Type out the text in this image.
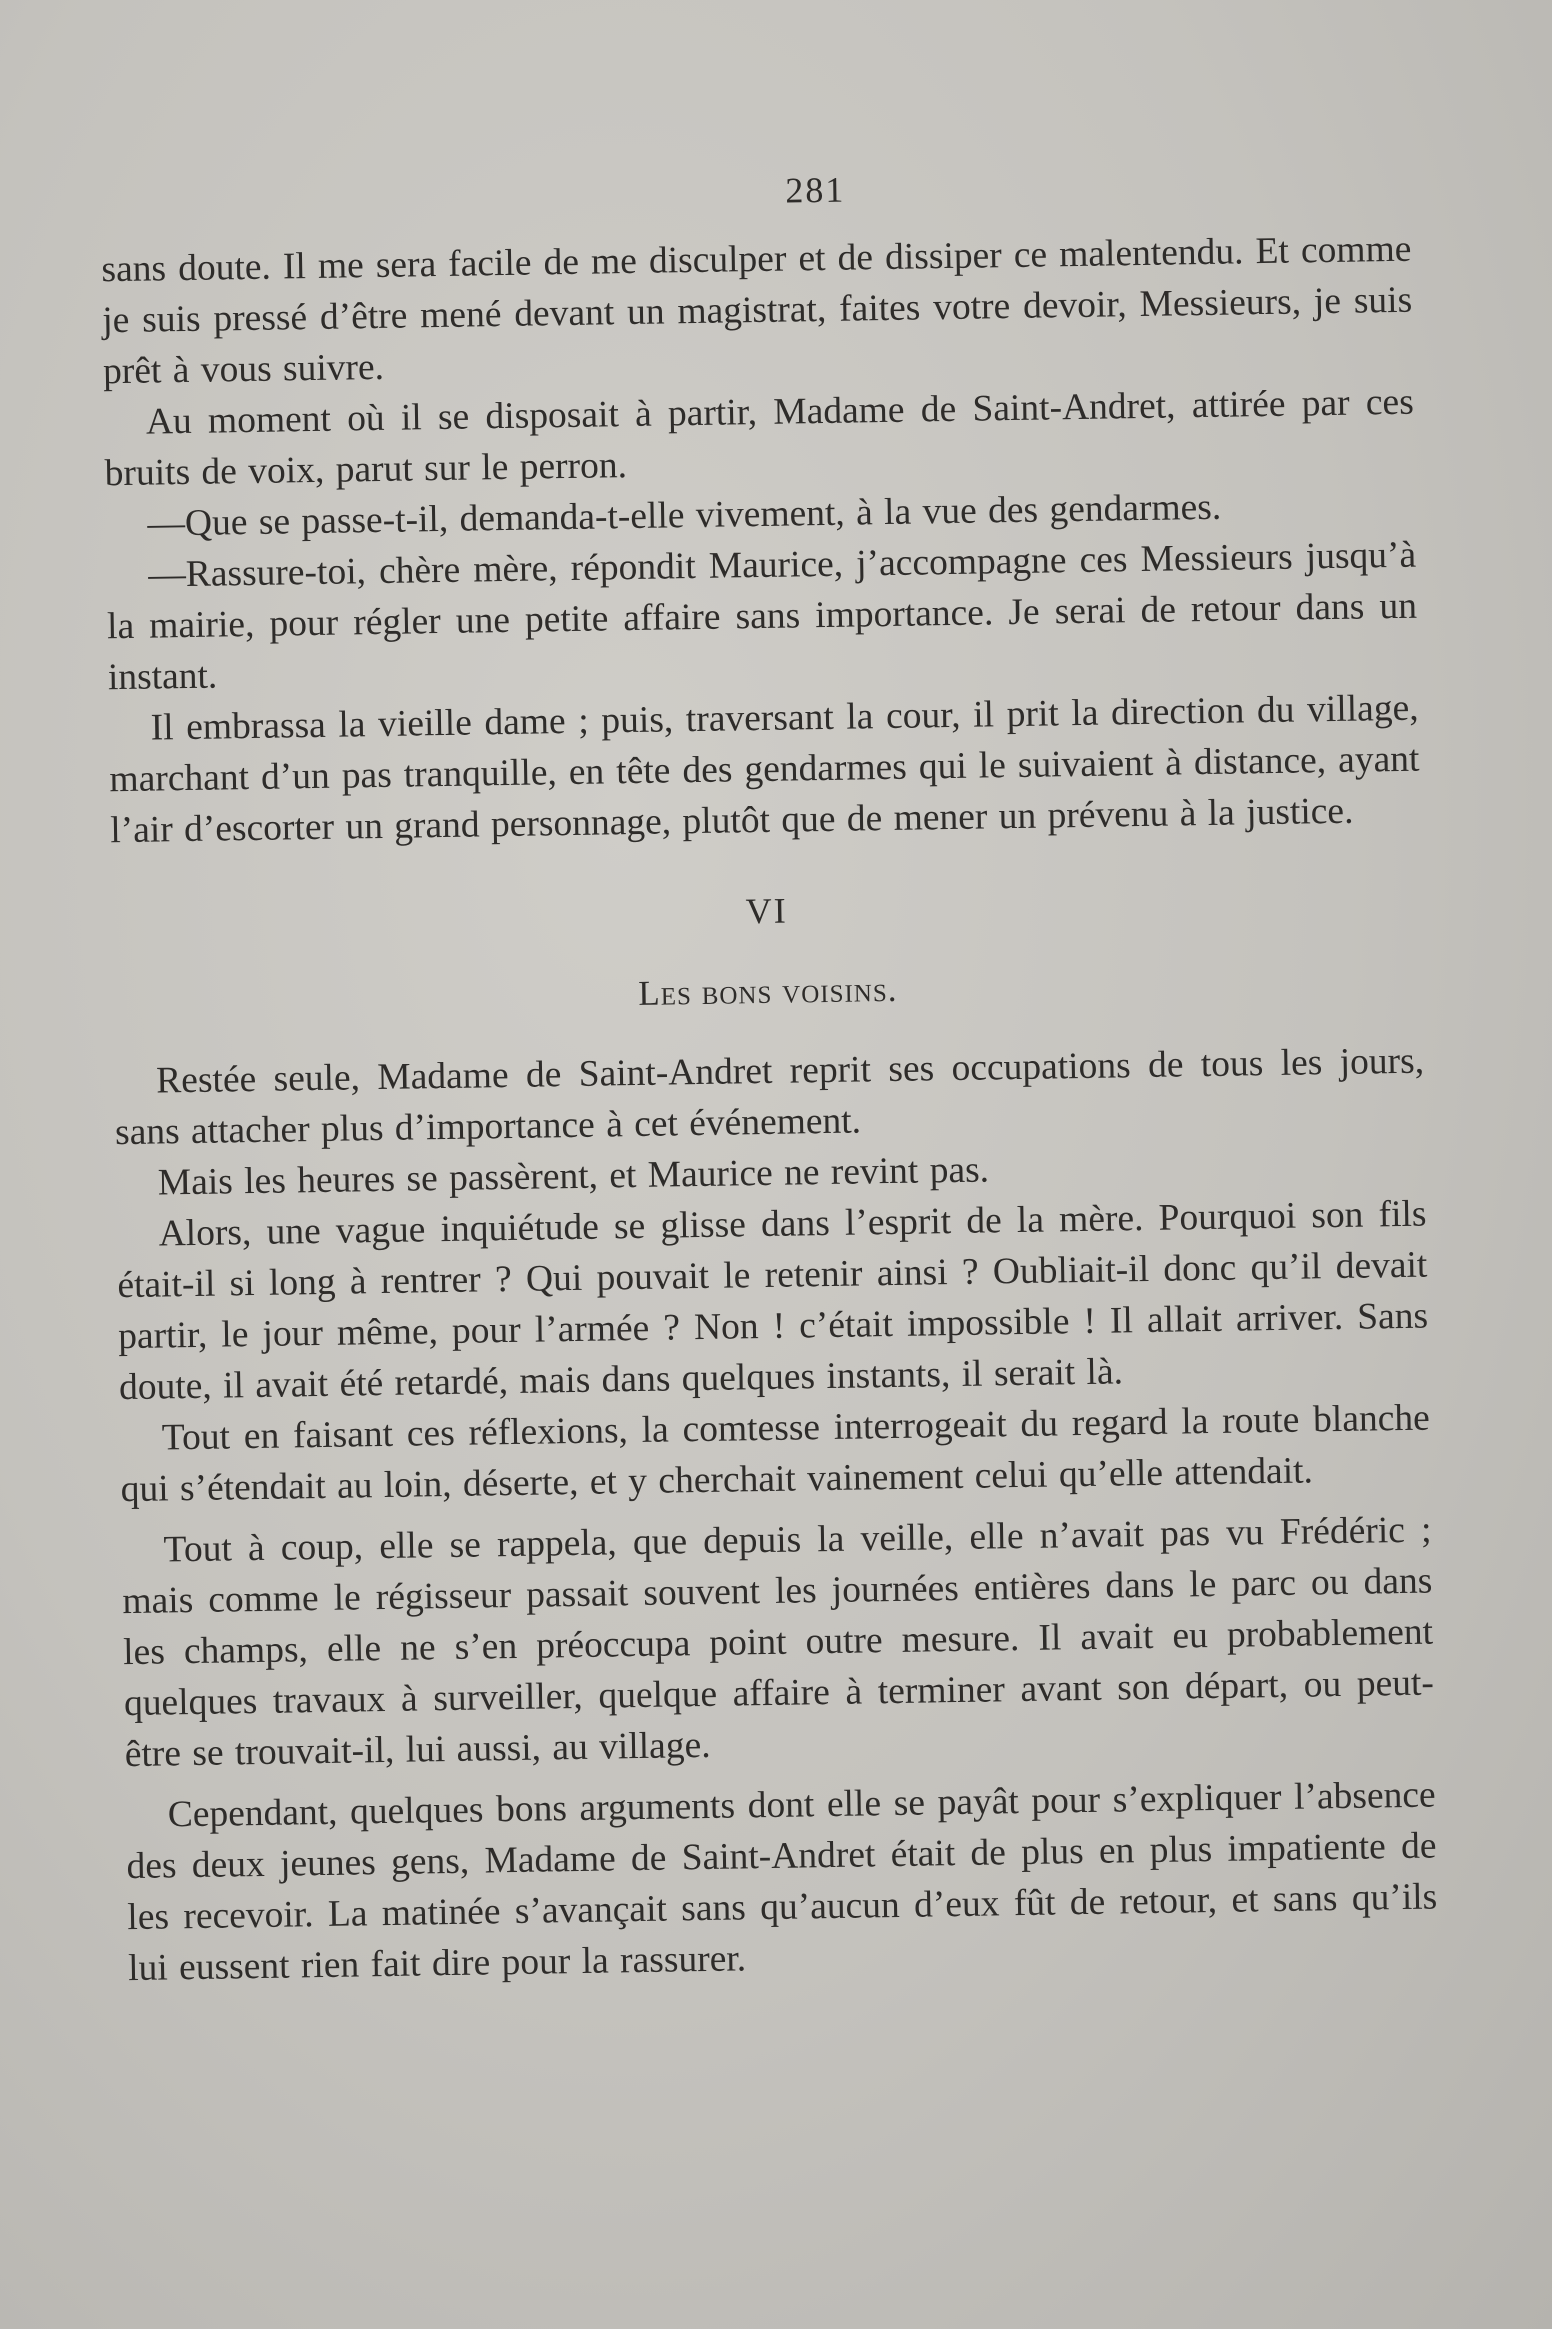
281

sans doute. Il me sera facile de me disculper et de dissiper ce malentendu. Et comme je suis pressé d’être mené devant un magistrat, faites votre devoir, Messieurs, je suis prêt à vous suivre.

Au moment où il se disposait à partir, Madame de Saint-Andret, attirée par ces bruits de voix, parut sur le perron.

—Que se passe-t-il, demanda-t-elle vivement, à la vue des gendarmes.

—Rassure-toi, chère mère, répondit Maurice, j’accompagne ces Messieurs jusqu’à la mairie, pour régler une petite affaire sans importance. Je serai de retour dans un instant.

Il embrassa la vieille dame ; puis, traversant la cour, il prit la direction du village, marchant d’un pas tranquille, en tête des gendarmes qui le suivaient à distance, ayant l’air d’escorter un grand personnage, plutôt que de mener un prévenu à la justice.

VI
Les bons voisins.

Restée seule, Madame de Saint-Andret reprit ses occupations de tous les jours, sans attacher plus d’importance à cet événement.

Mais les heures se passèrent, et Maurice ne revint pas.

Alors, une vague inquiétude se glisse dans l’esprit de la mère. Pourquoi son fils était-il si long à rentrer ? Qui pouvait le retenir ainsi ? Oubliait-il donc qu’il devait partir, le jour même, pour l’armée ? Non ! c’était impossible ! Il allait arriver. Sans doute, il avait été retardé, mais dans quelques instants, il serait là.

Tout en faisant ces réflexions, la comtesse interrogeait du regard la route blanche qui s’étendait au loin, déserte, et y cherchait vainement celui qu’elle attendait.

Tout à coup, elle se rappela, que depuis la veille, elle n’avait pas vu Frédéric ; mais comme le régisseur passait souvent les journées entières dans le parc ou dans les champs, elle ne s’en préoccupa point outre mesure. Il avait eu probablement quelques travaux à surveiller, quelque affaire à terminer avant son départ, ou peut-être se trouvait-il, lui aussi, au village.

Cependant, quelques bons arguments dont elle se payât pour s’expliquer l’absence des deux jeunes gens, Madame de Saint-Andret était de plus en plus impatiente de les recevoir. La matinée s’avançait sans qu’aucun d’eux fût de retour, et sans qu’ils lui eussent rien fait dire pour la rassurer.
